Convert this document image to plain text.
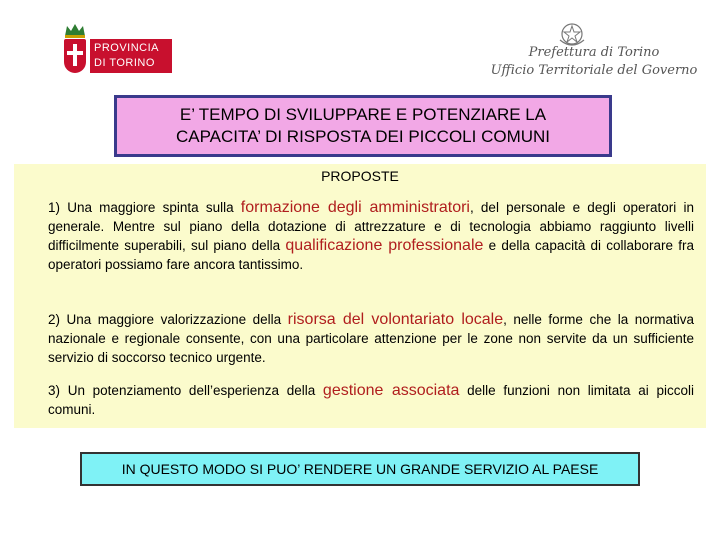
PROVINCIA
DI TORINO
Prefettura di Torino
Ufficio Territoriale del Governo
E’ TEMPO DI SVILUPPARE E POTENZIARE LA
CAPACITA’ DI RISPOSTA DEI PICCOLI COMUNI
PROPOSTE
1) Una maggiore spinta sulla formazione degli amministratori, del personale e degli operatori in generale. Mentre sul piano della dotazione di attrezzature e di tecnologia abbiamo raggiunto livelli difficilmente superabili, sul piano della qualificazione professionale e della capacità di collaborare fra operatori possiamo fare ancora tantissimo.
2) Una maggiore valorizzazione della risorsa del volontariato locale, nelle forme che la normativa nazionale e regionale consente, con una particolare attenzione per le zone non servite da un sufficiente servizio di soccorso tecnico urgente.
3) Un potenziamento dell’esperienza della gestione associata delle funzioni non limitata ai piccoli comuni.
IN QUESTO MODO SI PUO’ RENDERE UN GRANDE SERVIZIO AL PAESE
